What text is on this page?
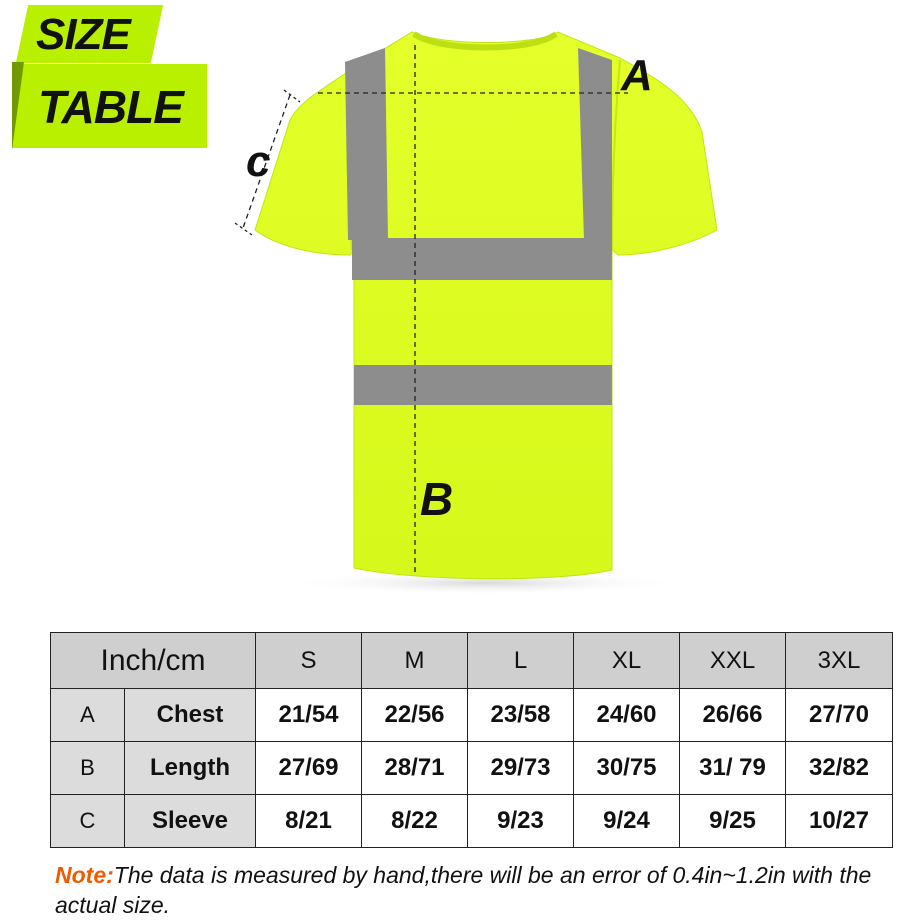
SIZE
TABLE
A
B
c
Inch/cm		S	M	L	XL	XXL	3XL
A	Chest	21/54	22/56	23/58	24/60	26/66	27/70
B	Length	27/69	28/71	29/73	30/75	31/ 79	32/82
C	Sleeve	8/21	8/22	9/23	9/24	9/25	10/27
Note:The data is measured by hand,there will be an error of 0.4in~1.2in with the actual size.
